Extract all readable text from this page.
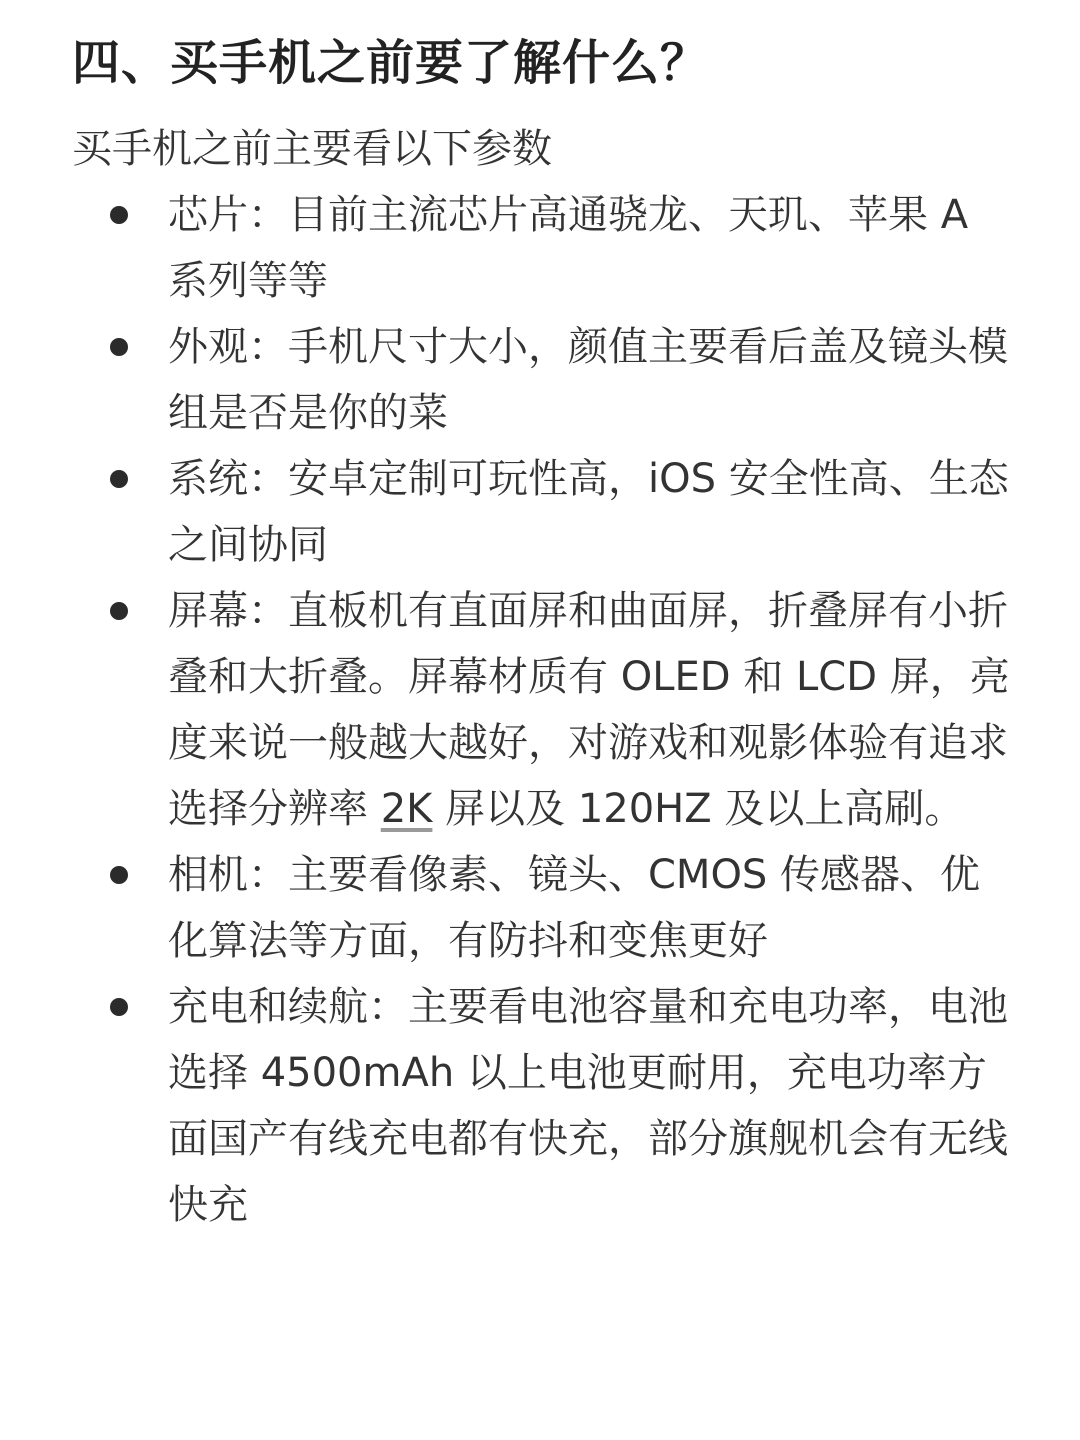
四、买手机之前要了解什么？

买手机之前主要看以下参数

芯片：目前主流芯片高通骁龙、天玑、苹果 A 系列等等
外观：手机尺寸大小，颜值主要看后盖及镜头模组是否是你的菜
系统：安卓定制可玩性高，iOS 安全性高、生态之间协同
屏幕：直板机有直面屏和曲面屏，折叠屏有小折叠和大折叠。屏幕材质有 OLED 和 LCD 屏，亮度来说一般越大越好，对游戏和观影体验有追求选择分辨率 2K 屏以及 120HZ 及以上高刷。
相机：主要看像素、镜头、CMOS 传感器、优化算法等方面，有防抖和变焦更好
充电和续航：主要看电池容量和充电功率，电池选择 4500mAh 以上电池更耐用，充电功率方面国产有线充电都有快充，部分旗舰机会有无线快充
